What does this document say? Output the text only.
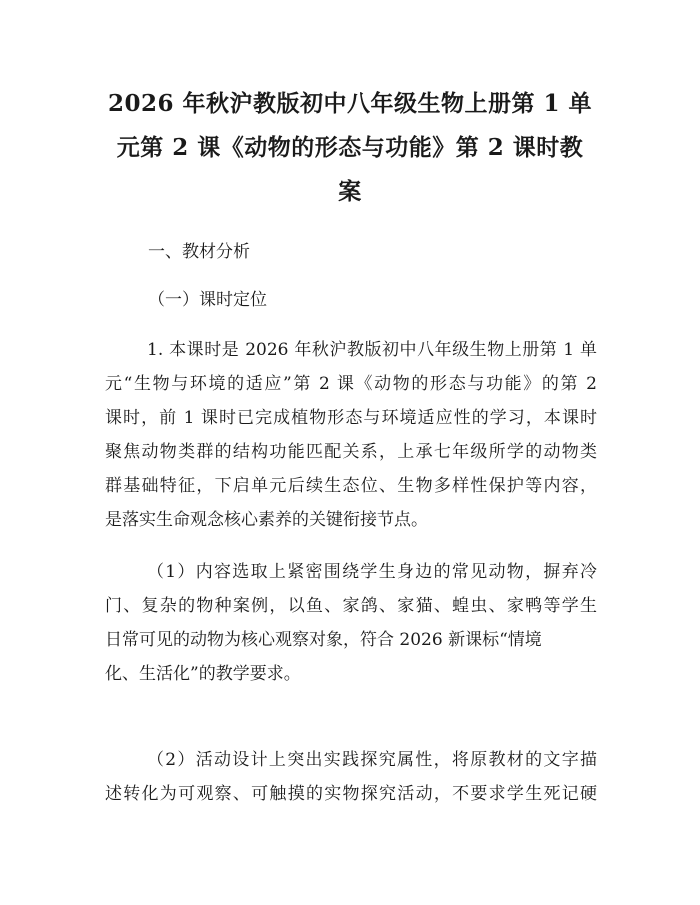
2026 年秋沪教版初中八年级生物上册第 1 单
元第 2 课《动物的形态与功能》第 2 课时教
案

一、教材分析

（一）课时定位

1. 本课时是 2026 年秋沪教版初中八年级生物上册第 1 单
元“生物与环境的适应”第 2 课《动物的形态与功能》的第 2
课时，前 1 课时已完成植物形态与环境适应性的学习，本课时
聚焦动物类群的结构功能匹配关系，上承七年级所学的动物类
群基础特征，下启单元后续生态位、生物多样性保护等内容，
是落实生命观念核心素养的关键衔接节点。
（1）内容选取上紧密围绕学生身边的常见动物，摒弃冷
门、复杂的物种案例，以鱼、家鸽、家猫、蝗虫、家鸭等学生
日常可见的动物为核心观察对象，符合 2026 新课标“情境
化、生活化”的教学要求。
（2）活动设计上突出实践探究属性，将原教材的文字描
述转化为可观察、可触摸的实物探究活动，不要求学生死记硬
